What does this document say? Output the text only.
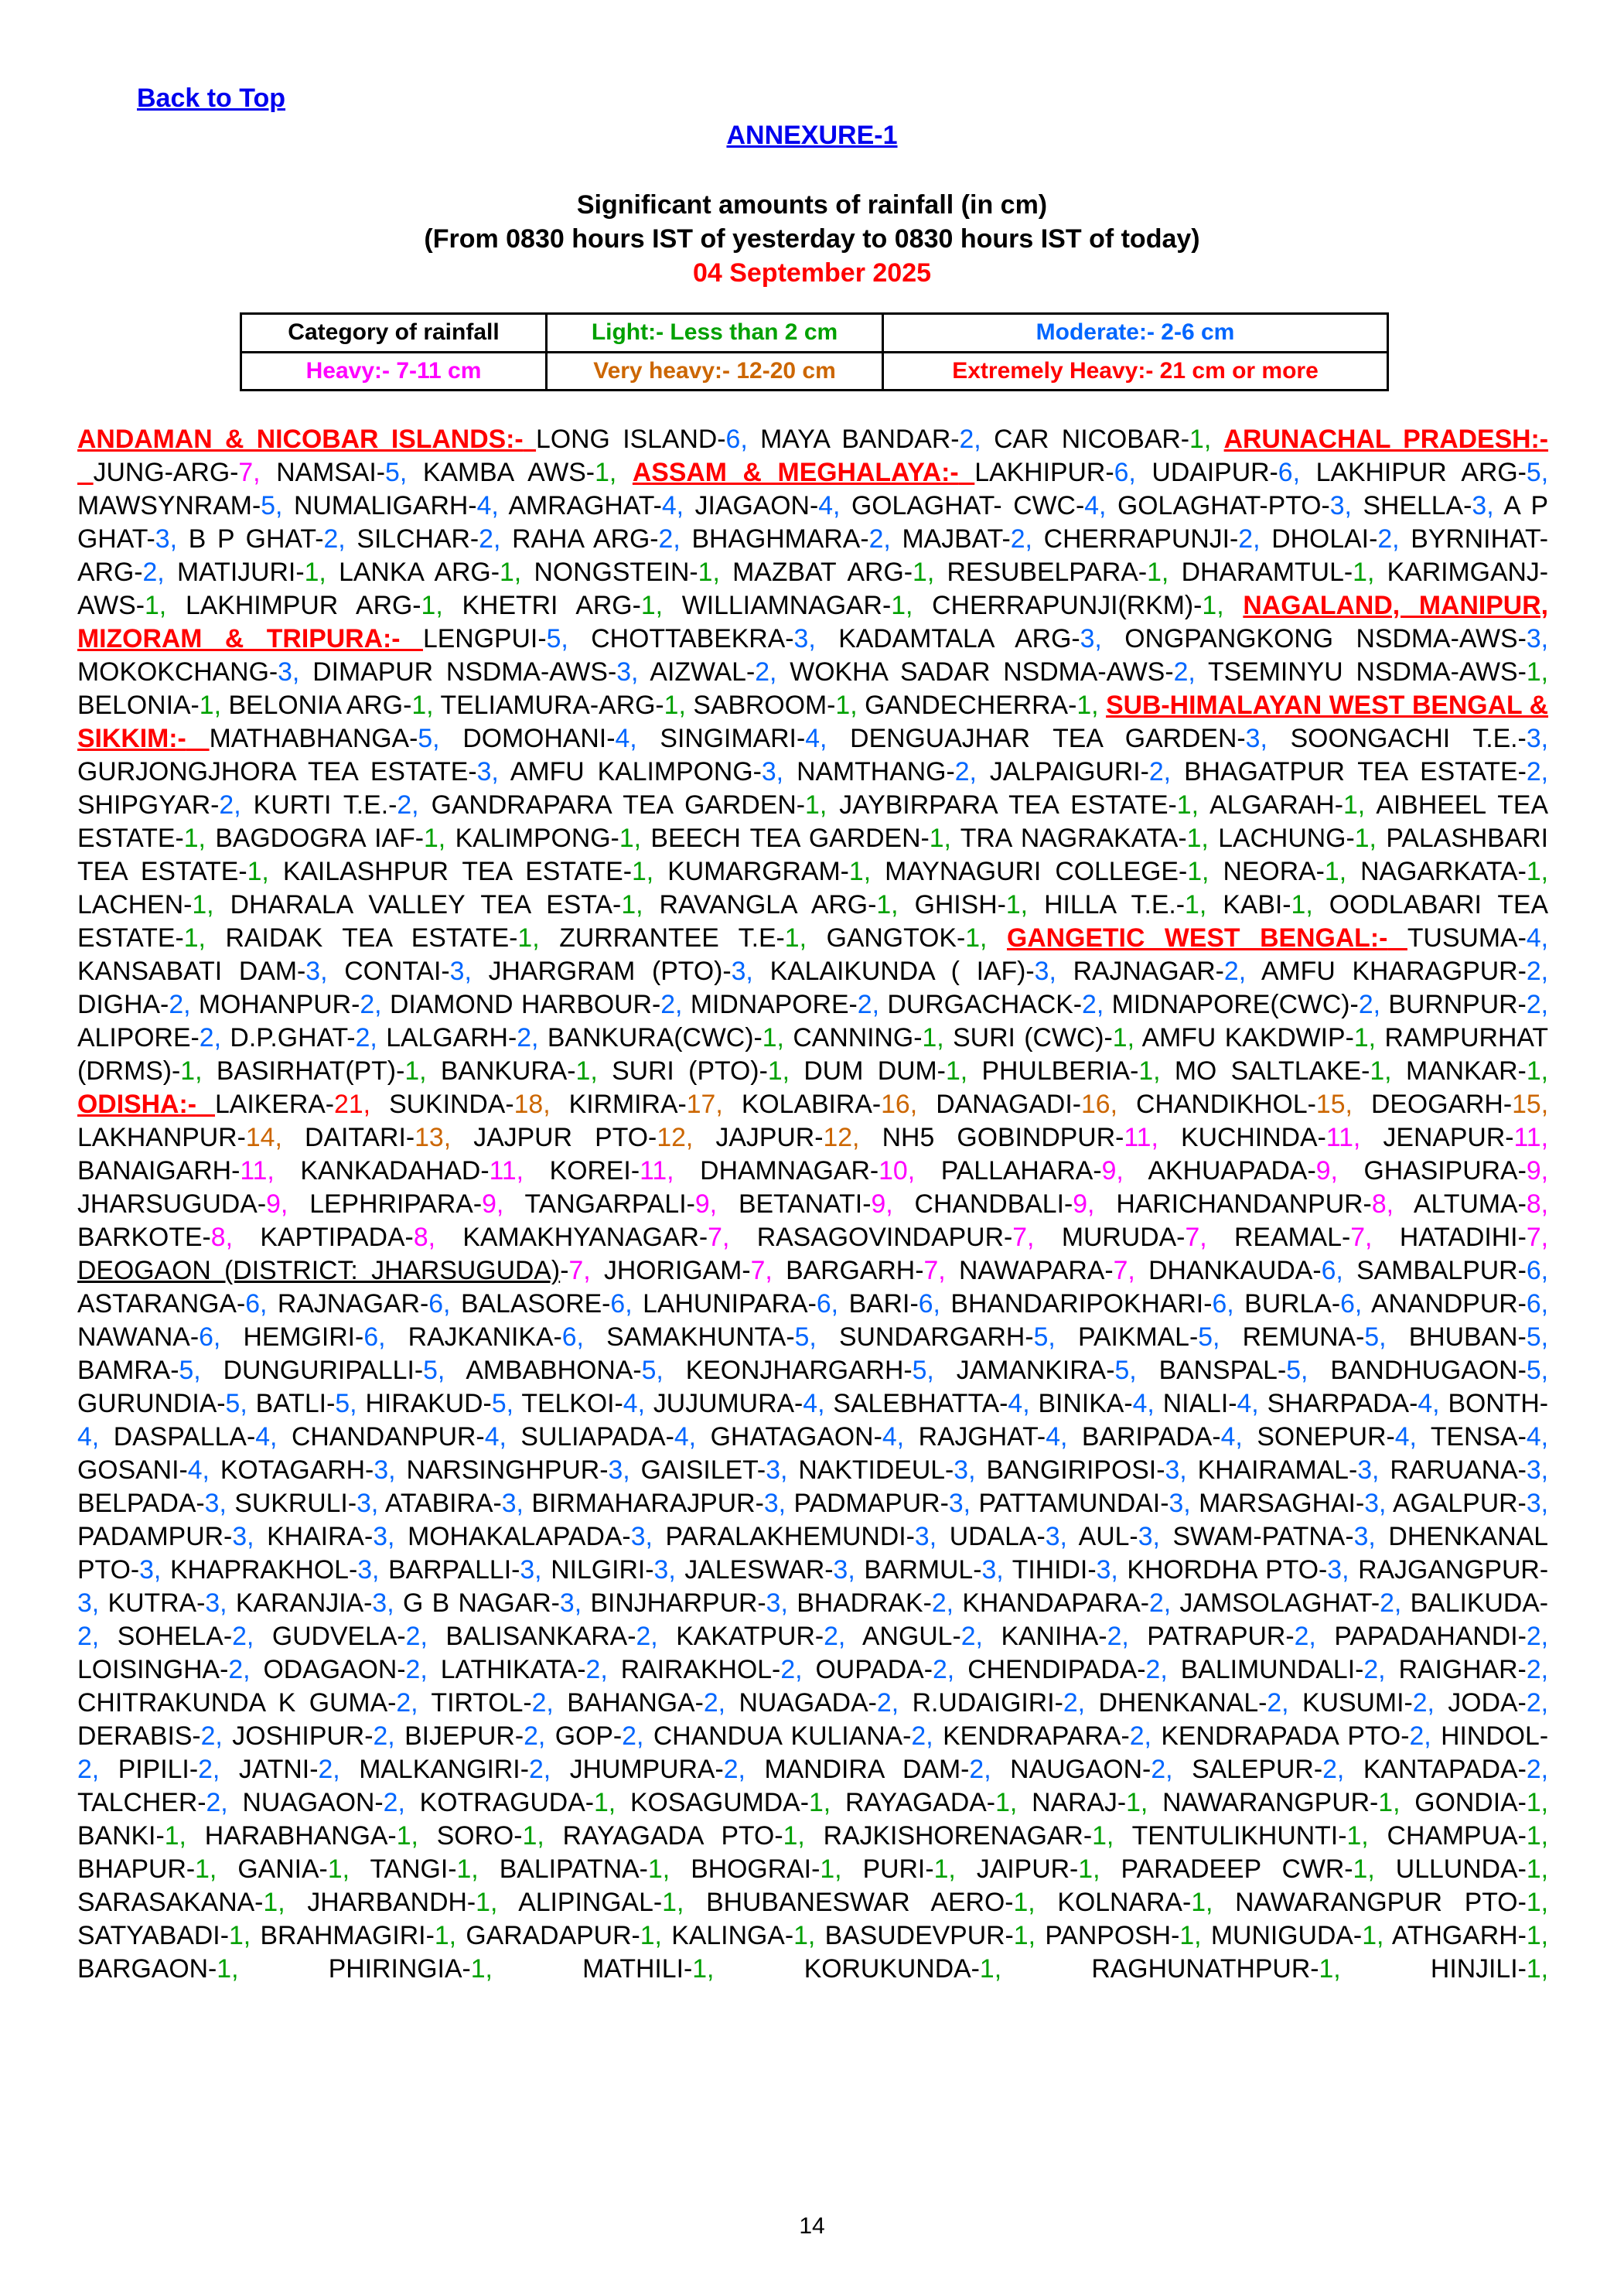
Back to Top
ANNEXURE-1
Significant amounts of rainfall (in cm)
(From 0830 hours IST of yesterday to 0830 hours IST of today)
04 September 2025
Category of rainfall	Light:- Less than 2 cm	Moderate:- 2-6 cm
Heavy:- 7-11 cm	Very heavy:- 12-20 cm	Extremely Heavy:- 21 cm or more
ANDAMAN & NICOBAR ISLANDS:- LONG ISLAND-6, MAYA BANDAR-2, CAR NICOBAR-1, ARUNACHAL PRADESH:- JUNG-ARG-7, NAMSAI-5, KAMBA AWS-1, ASSAM & MEGHALAYA:- LAKHIPUR-6, UDAIPUR-6, LAKHIPUR ARG-5, MAWSYNRAM-5, NUMALIGARH-4, AMRAGHAT-4, JIAGAON-4, GOLAGHAT- CWC-4, GOLAGHAT-PTO-3, SHELLA-3, A P GHAT-3, B P GHAT-2, SILCHAR-2, RAHA ARG-2, BHAGHMARA-2, MAJBAT-2, CHERRAPUNJI-2, DHOLAI-2, BYRNIHAT-ARG-2, MATIJURI-1, LANKA ARG-1, NONGSTEIN-1, MAZBAT ARG-1, RESUBELPARA-1, DHARAMTUL-1, KARIMGANJ-AWS-1, LAKHIMPUR ARG-1, KHETRI ARG-1, WILLIAMNAGAR-1, CHERRAPUNJI(RKM)-1, NAGALAND, MANIPUR, MIZORAM & TRIPURA:- LENGPUI-5, CHOTTABEKRA-3, KADAMTALA ARG-3, ONGPANGKONG NSDMA-AWS-3, MOKOKCHANG-3, DIMAPUR NSDMA-AWS-3, AIZWAL-2, WOKHA SADAR NSDMA-AWS-2, TSEMINYU NSDMA-AWS-1, BELONIA-1, BELONIA ARG-1, TELIAMURA-ARG-1, SABROOM-1, GANDECHERRA-1, SUB-HIMALAYAN WEST BENGAL & SIKKIM:- MATHABHANGA-5, DOMOHANI-4, SINGIMARI-4, DENGUAJHAR TEA GARDEN-3, SOONGACHI T.E.-3, GURJONGJHORA TEA ESTATE-3, AMFU KALIMPONG-3, NAMTHANG-2, JALPAIGURI-2, BHAGATPUR TEA ESTATE-2, SHIPGYAR-2, KURTI T.E.-2, GANDRAPARA TEA GARDEN-1, JAYBIRPARA TEA ESTATE-1, ALGARAH-1, AIBHEEL TEA ESTATE-1, BAGDOGRA IAF-1, KALIMPONG-1, BEECH TEA GARDEN-1, TRA NAGRAKATA-1, LACHUNG-1, PALASHBARI TEA ESTATE-1, KAILASHPUR TEA ESTATE-1, KUMARGRAM-1, MAYNAGURI COLLEGE-1, NEORA-1, NAGARKATA-1, LACHEN-1, DHARALA VALLEY TEA ESTA-1, RAVANGLA ARG-1, GHISH-1, HILLA T.E.-1, KABI-1, OODLABARI TEA ESTATE-1, RAIDAK TEA ESTATE-1, ZURRANTEE T.E-1, GANGTOK-1, GANGETIC WEST BENGAL:- TUSUMA-4, KANSABATI DAM-3, CONTAI-3, JHARGRAM (PTO)-3, KALAIKUNDA ( IAF)-3, RAJNAGAR-2, AMFU KHARAGPUR-2, DIGHA-2, MOHANPUR-2, DIAMOND HARBOUR-2, MIDNAPORE-2, DURGACHACK-2, MIDNAPORE(CWC)-2, BURNPUR-2, ALIPORE-2, D.P.GHAT-2, LALGARH-2, BANKURA(CWC)-1, CANNING-1, SURI (CWC)-1, AMFU KAKDWIP-1, RAMPURHAT (DRMS)-1, BASIRHAT(PT)-1, BANKURA-1, SURI (PTO)-1, DUM DUM-1, PHULBERIA-1, MO SALTLAKE-1, MANKAR-1, ODISHA:- LAIKERA-21, SUKINDA-18, KIRMIRA-17, KOLABIRA-16, DANAGADI-16, CHANDIKHOL-15, DEOGARH-15, LAKHANPUR-14, DAITARI-13, JAJPUR PTO-12, JAJPUR-12, NH5 GOBINDPUR-11, KUCHINDA-11, JENAPUR-11, BANAIGARH-11, KANKADAHAD-11, KOREI-11, DHAMNAGAR-10, PALLAHARA-9, AKHUAPADA-9, GHASIPURA-9, JHARSUGUDA-9, LEPHRIPARA-9, TANGARPALI-9, BETANATI-9, CHANDBALI-9, HARICHANDANPUR-8, ALTUMA-8, BARKOTE-8, KAPTIPADA-8, KAMAKHYANAGAR-7, RASAGOVINDAPUR-7, MURUDA-7, REAMAL-7, HATADIHI-7, DEOGAON (DISTRICT: JHARSUGUDA)-7, JHORIGAM-7, BARGARH-7, NAWAPARA-7, DHANKAUDA-6, SAMBALPUR-6, ASTARANGA-6, RAJNAGAR-6, BALASORE-6, LAHUNIPARA-6, BARI-6, BHANDARIPOKHARI-6, BURLA-6, ANANDPUR-6, NAWANA-6, HEMGIRI-6, RAJKANIKA-6, SAMAKHUNTA-5, SUNDARGARH-5, PAIKMAL-5, REMUNA-5, BHUBAN-5, BAMRA-5, DUNGURIPALLI-5, AMBABHONA-5, KEONJHARGARH-5, JAMANKIRA-5, BANSPAL-5, BANDHUGAON-5, GURUNDIA-5, BATLI-5, HIRAKUD-5, TELKOI-4, JUJUMURA-4, SALEBHATTA-4, BINIKA-4, NIALI-4, SHARPADA-4, BONTH-4, DASPALLA-4, CHANDANPUR-4, SULIAPADA-4, GHATAGAON-4, RAJGHAT-4, BARIPADA-4, SONEPUR-4, TENSA-4, GOSANI-4, KOTAGARH-3, NARSINGHPUR-3, GAISILET-3, NAKTIDEUL-3, BANGIRIPOSI-3, KHAIRAMAL-3, RARUANA-3, BELPADA-3, SUKRULI-3, ATABIRA-3, BIRMAHARAJPUR-3, PADMAPUR-3, PATTAMUNDAI-3, MARSAGHAI-3, AGALPUR-3, PADAMPUR-3, KHAIRA-3, MOHAKALAPADA-3, PARALAKHEMUNDI-3, UDALA-3, AUL-3, SWAM-PATNA-3, DHENKANAL PTO-3, KHAPRAKHOL-3, BARPALLI-3, NILGIRI-3, JALESWAR-3, BARMUL-3, TIHIDI-3, KHORDHA PTO-3, RAJGANGPUR-3, KUTRA-3, KARANJIA-3, G B NAGAR-3, BINJHARPUR-3, BHADRAK-2, KHANDAPARA-2, JAMSOLAGHAT-2, BALIKUDA-2, SOHELA-2, GUDVELA-2, BALISANKARA-2, KAKATPUR-2, ANGUL-2, KANIHA-2, PATRAPUR-2, PAPADAHANDI-2, LOISINGHA-2, ODAGAON-2, LATHIKATA-2, RAIRAKHOL-2, OUPADA-2, CHENDIPADA-2, BALIMUNDALI-2, RAIGHAR-2, CHITRAKUNDA K GUMA-2, TIRTOL-2, BAHANGA-2, NUAGADA-2, R.UDAIGIRI-2, DHENKANAL-2, KUSUMI-2, JODA-2, DERABIS-2, JOSHIPUR-2, BIJEPUR-2, GOP-2, CHANDUA KULIANA-2, KENDRAPARA-2, KENDRAPADA PTO-2, HINDOL-2, PIPILI-2, JATNI-2, MALKANGIRI-2, JHUMPURA-2, MANDIRA DAM-2, NAUGAON-2, SALEPUR-2, KANTAPADA-2, TALCHER-2, NUAGAON-2, KOTRAGUDA-1, KOSAGUMDA-1, RAYAGADA-1, NARAJ-1, NAWARANGPUR-1, GONDIA-1, BANKI-1, HARABHANGA-1, SORO-1, RAYAGADA PTO-1, RAJKISHORENAGAR-1, TENTULIKHUNTI-1, CHAMPUA-1, BHAPUR-1, GANIA-1, TANGI-1, BALIPATNA-1, BHOGRAI-1, PURI-1, JAIPUR-1, PARADEEP CWR-1, ULLUNDA-1, SARASAKANA-1, JHARBANDH-1, ALIPINGAL-1, BHUBANESWAR AERO-1, KOLNARA-1, NAWARANGPUR PTO-1, SATYABADI-1, BRAHMAGIRI-1, GARADAPUR-1, KALINGA-1, BASUDEVPUR-1, PANPOSH-1, MUNIGUDA-1, ATHGARH-1, BARGAON-1,	PHIRINGIA-1,	MATHILI-1,	KORUKUNDA-1,	RAGHUNATHPUR-1,	HINJILI-1,
14
